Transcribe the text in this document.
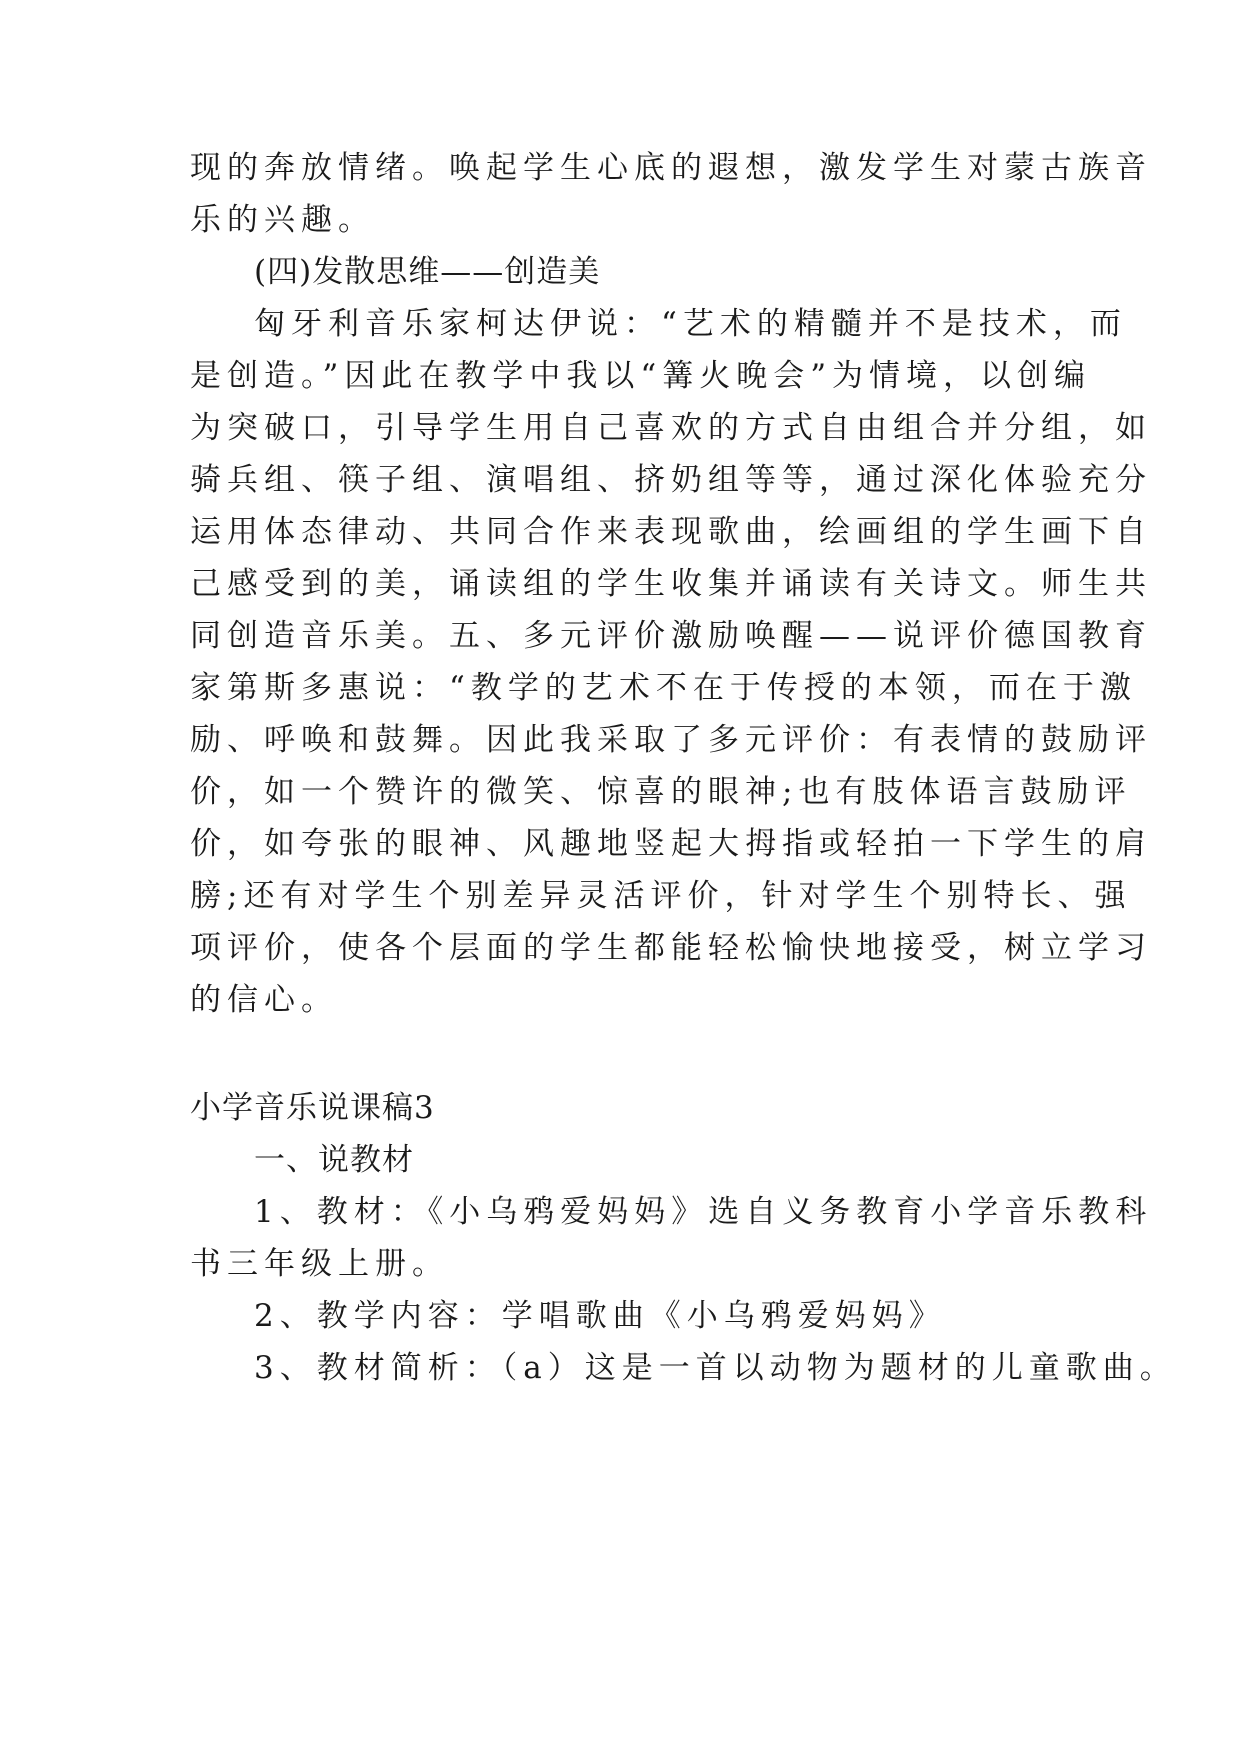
现的奔放情绪。唤起学生心底的遐想，激发学生对蒙古族音
乐的兴趣。
(四)发散思维——创造美
匈牙利音乐家柯达伊说：“艺术的精髓并不是技术，而
是创造。”因此在教学中我以“篝火晚会”为情境，以创编
为突破口，引导学生用自己喜欢的方式自由组合并分组，如
骑兵组、筷子组、演唱组、挤奶组等等，通过深化体验充分
运用体态律动、共同合作来表现歌曲，绘画组的学生画下自
己感受到的美，诵读组的学生收集并诵读有关诗文。师生共
同创造音乐美。五、多元评价激励唤醒——说评价德国教育
家第斯多惠说：“教学的艺术不在于传授的本领，而在于激
励、呼唤和鼓舞。因此我采取了多元评价：有表情的鼓励评
价，如一个赞许的微笑、惊喜的眼神;也有肢体语言鼓励评
价，如夸张的眼神、风趣地竖起大拇指或轻拍一下学生的肩
膀;还有对学生个别差异灵活评价，针对学生个别特长、强
项评价，使各个层面的学生都能轻松愉快地接受，树立学习
的信心。
小学音乐说课稿3
一、说教材
1、教材：《小乌鸦爱妈妈》选自义务教育小学音乐教科
书三年级上册。
2、教学内容：学唱歌曲《小乌鸦爱妈妈》
3、教材简析：（a）这是一首以动物为题材的儿童歌曲。
